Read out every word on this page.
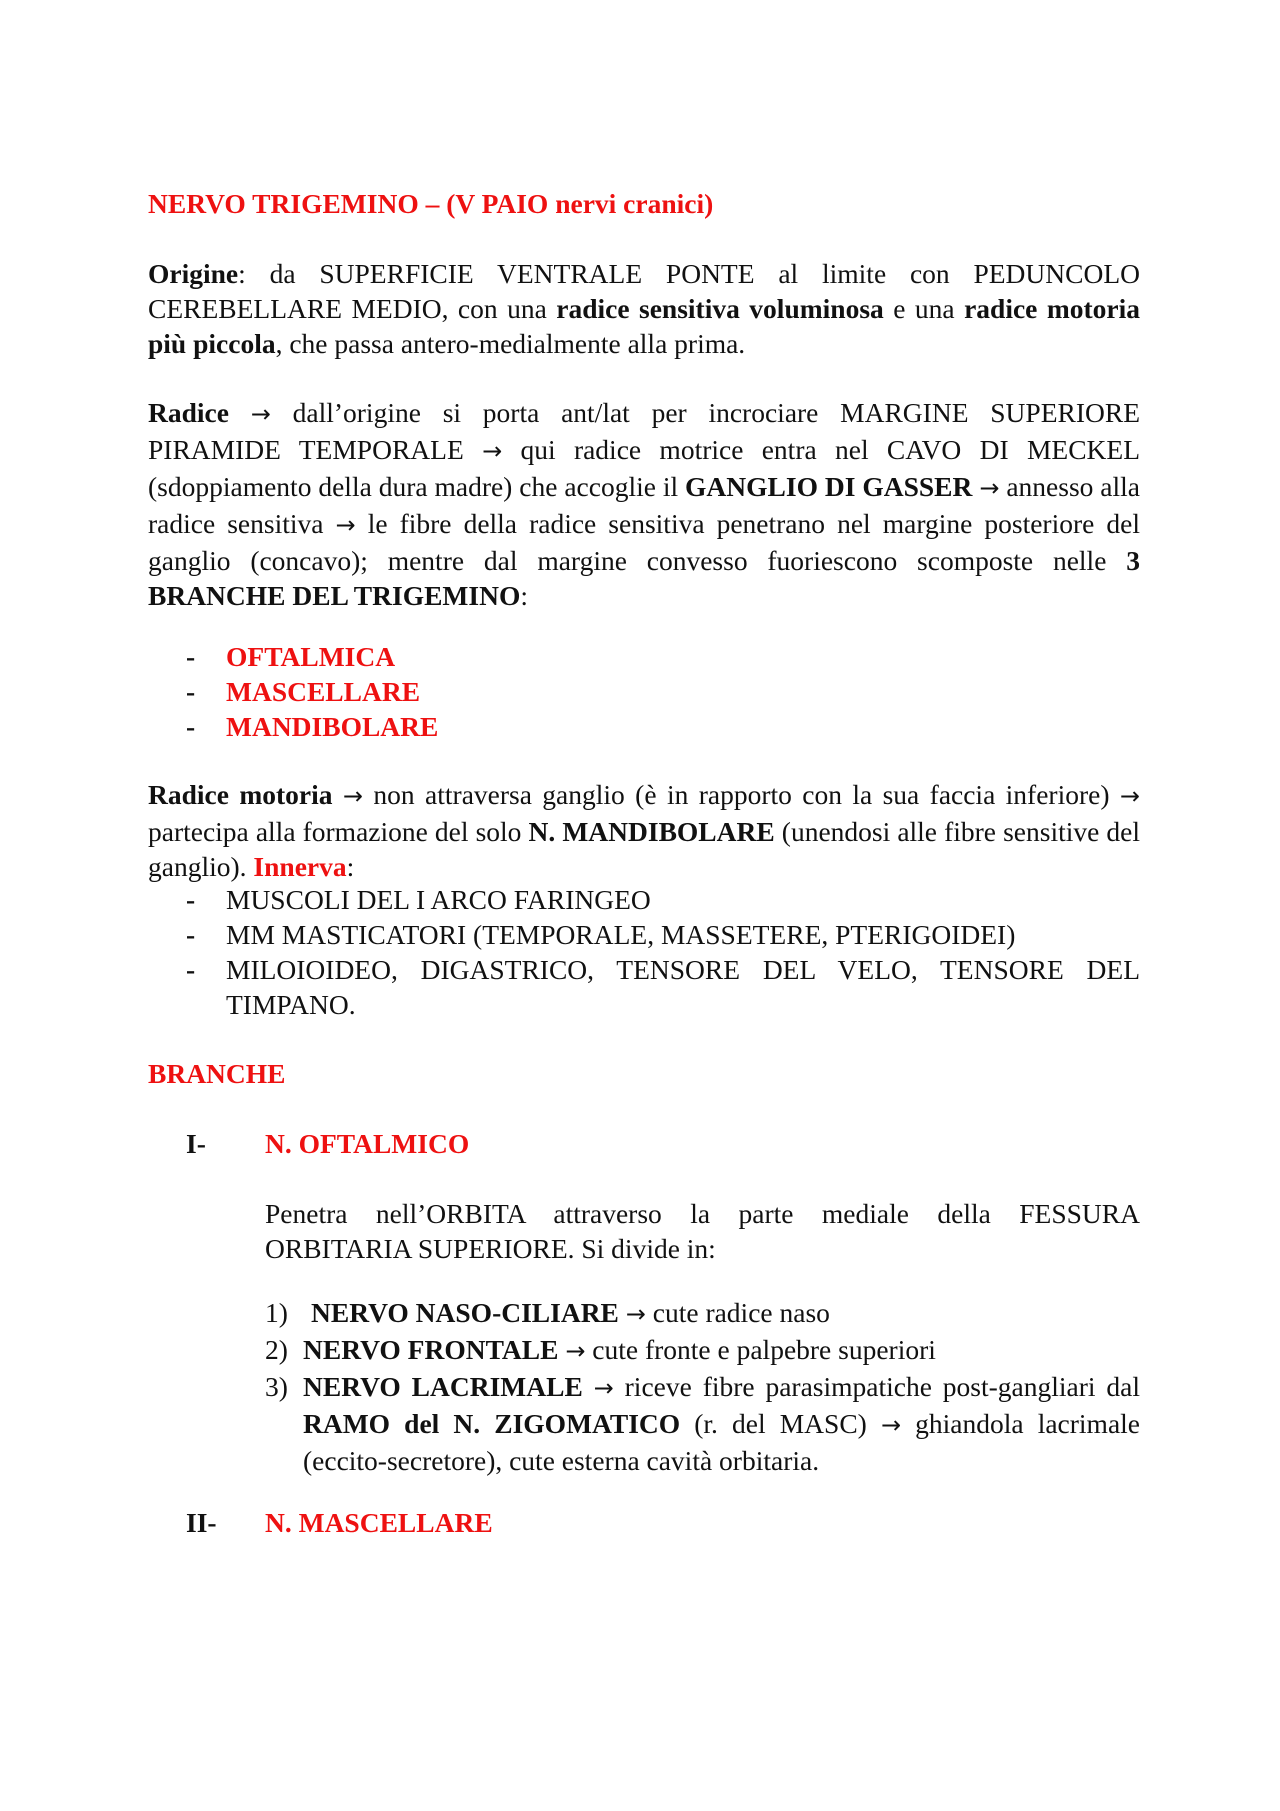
NERVO TRIGEMINO – (V PAIO nervi cranici)

Origine: da SUPERFICIE VENTRALE PONTE al limite con PEDUNCOLO CEREBELLARE MEDIO, con una radice sensitiva voluminosa e una radice motoria più piccola, che passa antero-medialmente alla prima.

Radice → dall’origine si porta ant/lat per incrociare MARGINE SUPERIORE PIRAMIDE TEMPORALE → qui radice motrice entra nel CAVO DI MECKEL (sdoppiamento della dura madre) che accoglie il GANGLIO DI GASSER → annesso alla radice sensitiva → le fibre della radice sensitiva penetrano nel margine posteriore del ganglio (concavo); mentre dal margine convesso fuoriescono scomposte nelle 3 BRANCHE DEL TRIGEMINO:

- OFTALMICA
- MASCELLARE
- MANDIBOLARE

Radice motoria → non attraversa ganglio (è in rapporto con la sua faccia inferiore) → partecipa alla formazione del solo N. MANDIBOLARE (unendosi alle fibre sensitive del ganglio). Innerva:

- MUSCOLI DEL I ARCO FARINGEO
- MM MASTICATORI (TEMPORALE, MASSETERE, PTERIGOIDEI)
- MILOIOIDEO, DIGASTRICO, TENSORE DEL VELO, TENSORE DEL TIMPANO.

BRANCHE

I- N. OFTALMICO

Penetra nell’ORBITA attraverso la parte mediale della FESSURA ORBITARIA SUPERIORE. Si divide in:

1) NERVO NASO-CILIARE → cute radice naso
2) NERVO FRONTALE → cute fronte e palpebre superiori
3) NERVO LACRIMALE → riceve fibre parasimpatiche post-gangliari dal RAMO del N. ZIGOMATICO (r. del MASC) → ghiandola lacrimale (eccito-secretore), cute esterna cavità orbitaria.
II- N. MASCELLARE
